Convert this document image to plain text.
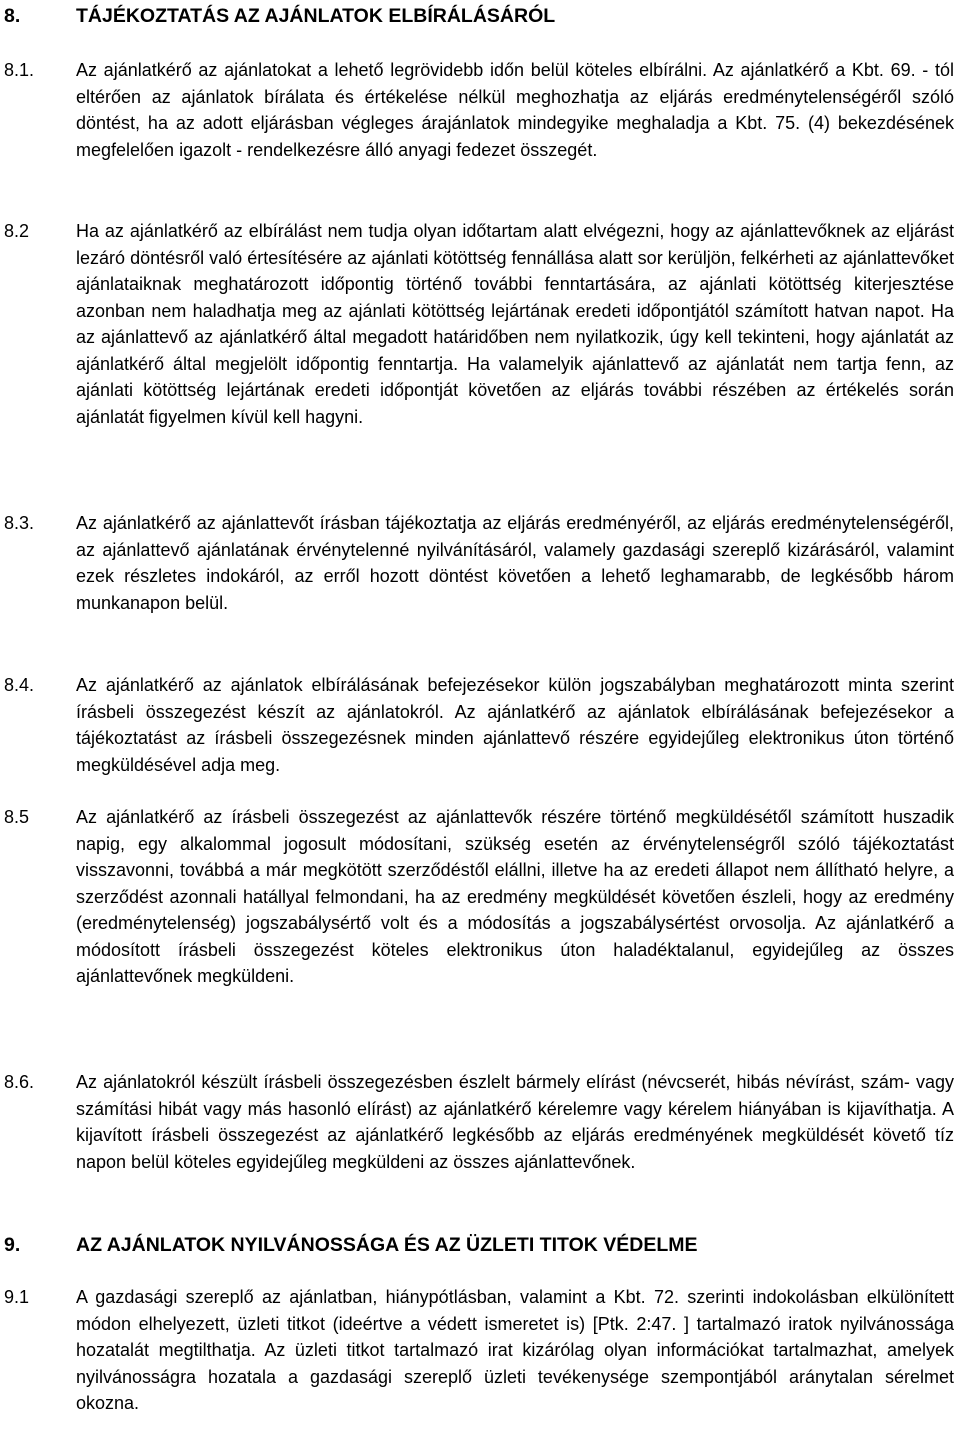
8.	TÁJÉKOZTATÁS AZ AJÁNLATOK ELBÍRÁLÁSÁRÓL
8.1. Az ajánlatkérő az ajánlatokat a lehető legrövidebb időn belül köteles elbírálni. Az ajánlatkérő a Kbt. 69. - tól eltérően az ajánlatok bírálata és értékelése nélkül meghozhatja az eljárás eredménytelenségéről szóló döntést, ha az adott eljárásban végleges árajánlatok mindegyike meghaladja a Kbt. 75. (4) bekezdésének megfelelően igazolt - rendelkezésre álló anyagi fedezet összegét.
8.2	Ha az ajánlatkérő az elbírálást nem tudja olyan időtartam alatt elvégezni, hogy az ajánlattevőknek az eljárást lezáró döntésről való értesítésére az ajánlati kötöttség fennállása alatt sor kerüljön, felkérheti az ajánlattevőket ajánlataiknak meghatározott időpontig történő további fenntartására, az ajánlati kötöttség kiterjesztése azonban nem haladhatja meg az ajánlati kötöttség lejártának eredeti időpontjától számított hatvan napot. Ha az ajánlattevő az ajánlatkérő által megadott határidőben nem nyilatkozik, úgy kell tekinteni, hogy ajánlatát az ajánlatkérő által megjelölt időpontig fenntartja. Ha valamelyik ajánlattevő az ajánlatát nem tartja fenn, az ajánlati kötöttség lejártának eredeti időpontját követően az eljárás további részében az értékelés során ajánlatát figyelmen kívül kell hagyni.
8.3. Az ajánlatkérő az ajánlattevőt írásban tájékoztatja az eljárás eredményéről, az eljárás eredménytelenségéről, az ajánlattevő ajánlatának érvénytelenné nyilvánításáról, valamely gazdasági szereplő kizárásáról, valamint ezek részletes indokáról, az erről hozott döntést követően a lehető leghamarabb, de legkésőbb három munkanapon belül.
8.4. Az ajánlatkérő az ajánlatok elbírálásának befejezésekor külön jogszabályban meghatározott minta szerint írásbeli összegezést készít az ajánlatokról. Az ajánlatkérő az ajánlatok elbírálásának befejezésekor a tájékoztatást az írásbeli összegezésnek minden ajánlattevő részére egyidejűleg elektronikus úton történő megküldésével adja meg.
8.5	Az ajánlatkérő az írásbeli összegezést az ajánlattevők részére történő megküldésétől számított huszadik napig, egy alkalommal jogosult módosítani, szükség esetén az érvénytelenségről szóló tájékoztatást visszavonni, továbbá a már megkötött szerződéstől elállni, illetve ha az eredeti állapot nem állítható helyre, a szerződést azonnali hatállyal felmondani, ha az eredmény megküldését követően észleli, hogy az eredmény (eredménytelenség) jogszabálysértő volt és a módosítás a jogszabálysértést orvosolja. Az ajánlatkérő a módosított írásbeli összegezést köteles elektronikus úton haladéktalanul, egyidejűleg az összes ajánlattevőnek megküldeni.
8.6. Az ajánlatokról készült írásbeli összegezésben észlelt bármely elírást (névcserét, hibás névírást, szám- vagy számítási hibát vagy más hasonló elírást) az ajánlatkérő kérelemre vagy kérelem hiányában is kijavíthatja. A kijavított írásbeli összegezést az ajánlatkérő legkésőbb az eljárás eredményének megküldését követő tíz napon belül köteles egyidejűleg megküldeni az összes ajánlattevőnek.
9.	AZ AJÁNLATOK NYILVÁNOSSÁGA ÉS AZ ÜZLETI TITOK VÉDELME
9.1	A gazdasági szereplő az ajánlatban, hiánypótlásban, valamint a Kbt. 72. szerinti indokolásban elkülönített módon elhelyezett, üzleti titkot (ideértve a védett ismeretet is) [Ptk. 2:47. ] tartalmazó iratok nyilvánossága hozatalát megtilthatja. Az üzleti titkot tartalmazó irat kizárólag olyan információkat tartalmazhat, amelyek nyilvánosságra hozatala a gazdasági szereplő üzleti tevékenysége szempontjából aránytalan sérelmet okozna.
